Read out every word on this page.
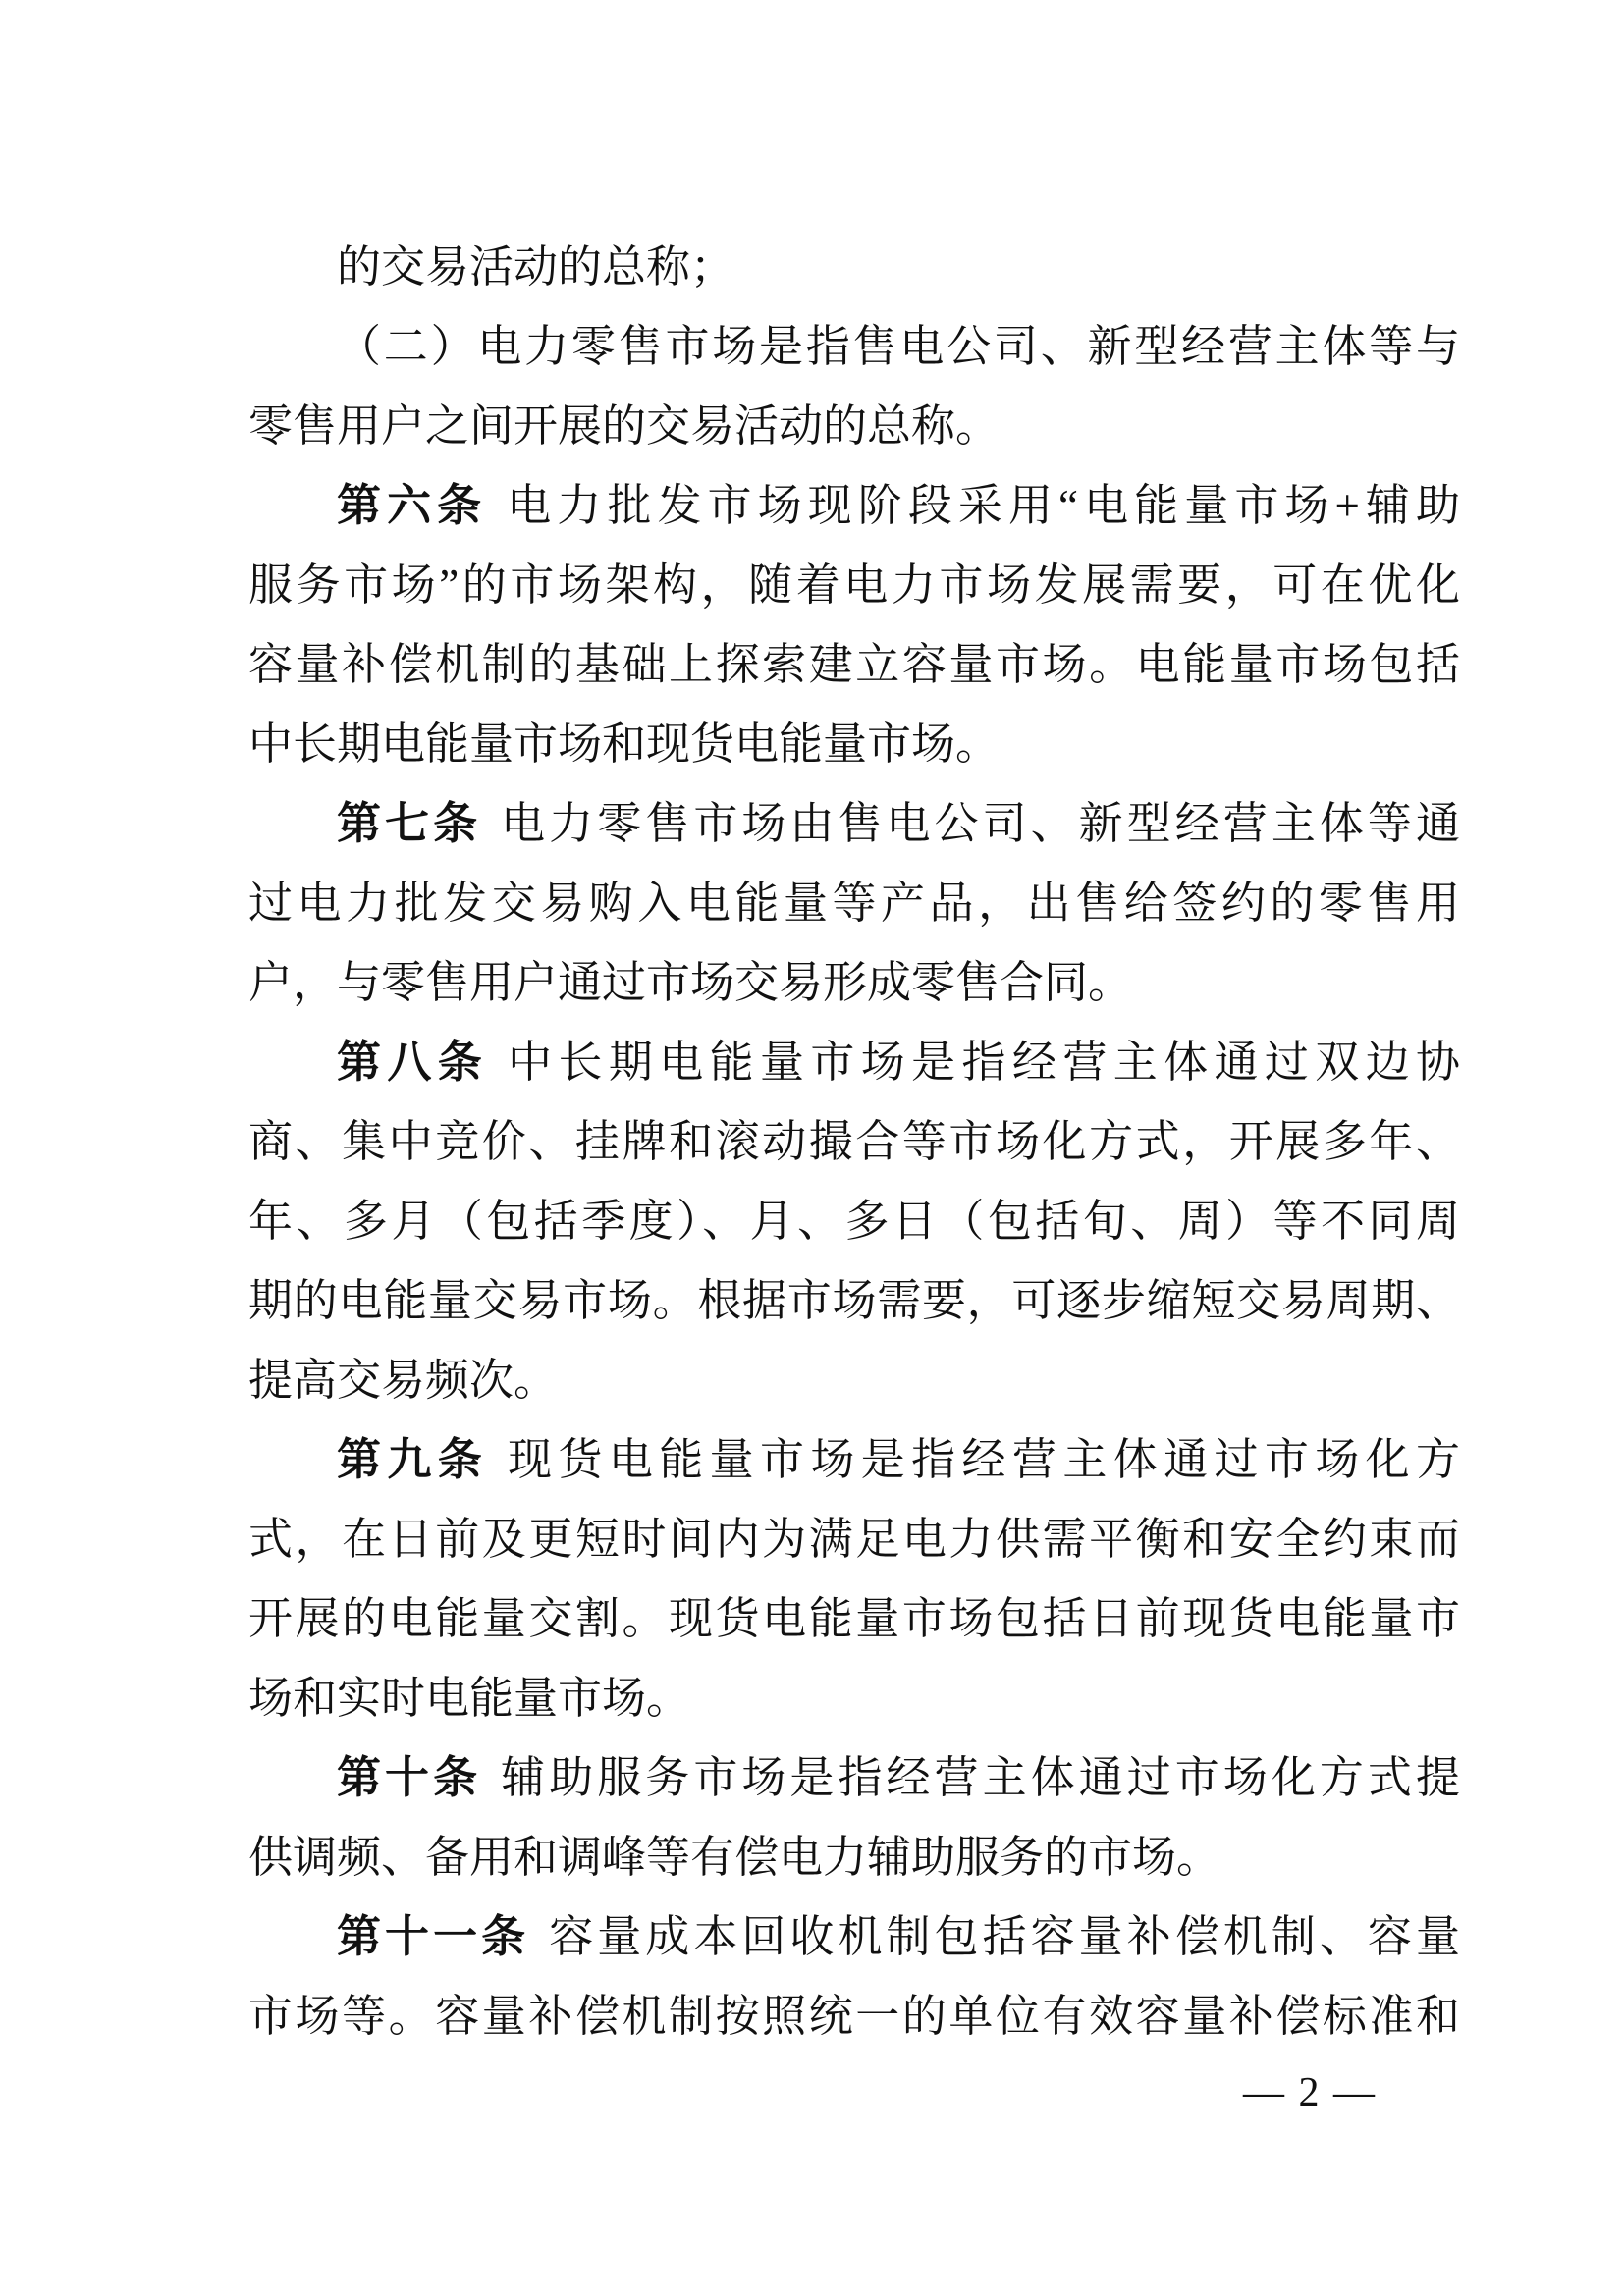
的交易活动的总称；
（二）电力零售市场是指售电公司、新型经营主体等与
零售用户之间开展的交易活动的总称。
第六条 电力批发市场现阶段采用“电能量市场+辅助
服务市场”的市场架构，随着电力市场发展需要，可在优化
容量补偿机制的基础上探索建立容量市场。电能量市场包括
中长期电能量市场和现货电能量市场。
第七条 电力零售市场由售电公司、新型经营主体等通
过电力批发交易购入电能量等产品，出售给签约的零售用
户，与零售用户通过市场交易形成零售合同。
第八条 中长期电能量市场是指经营主体通过双边协
商、集中竞价、挂牌和滚动撮合等市场化方式，开展多年、
年、多月（包括季度）、月、多日（包括旬、周）等不同周
期的电能量交易市场。根据市场需要，可逐步缩短交易周期、
提高交易频次。
第九条 现货电能量市场是指经营主体通过市场化方
式，在日前及更短时间内为满足电力供需平衡和安全约束而
开展的电能量交割。现货电能量市场包括日前现货电能量市
场和实时电能量市场。
第十条 辅助服务市场是指经营主体通过市场化方式提
供调频、备用和调峰等有偿电力辅助服务的市场。
第十一条 容量成本回收机制包括容量补偿机制、容量
市场等。容量补偿机制按照统一的单位有效容量补偿标准和
— 2 —
